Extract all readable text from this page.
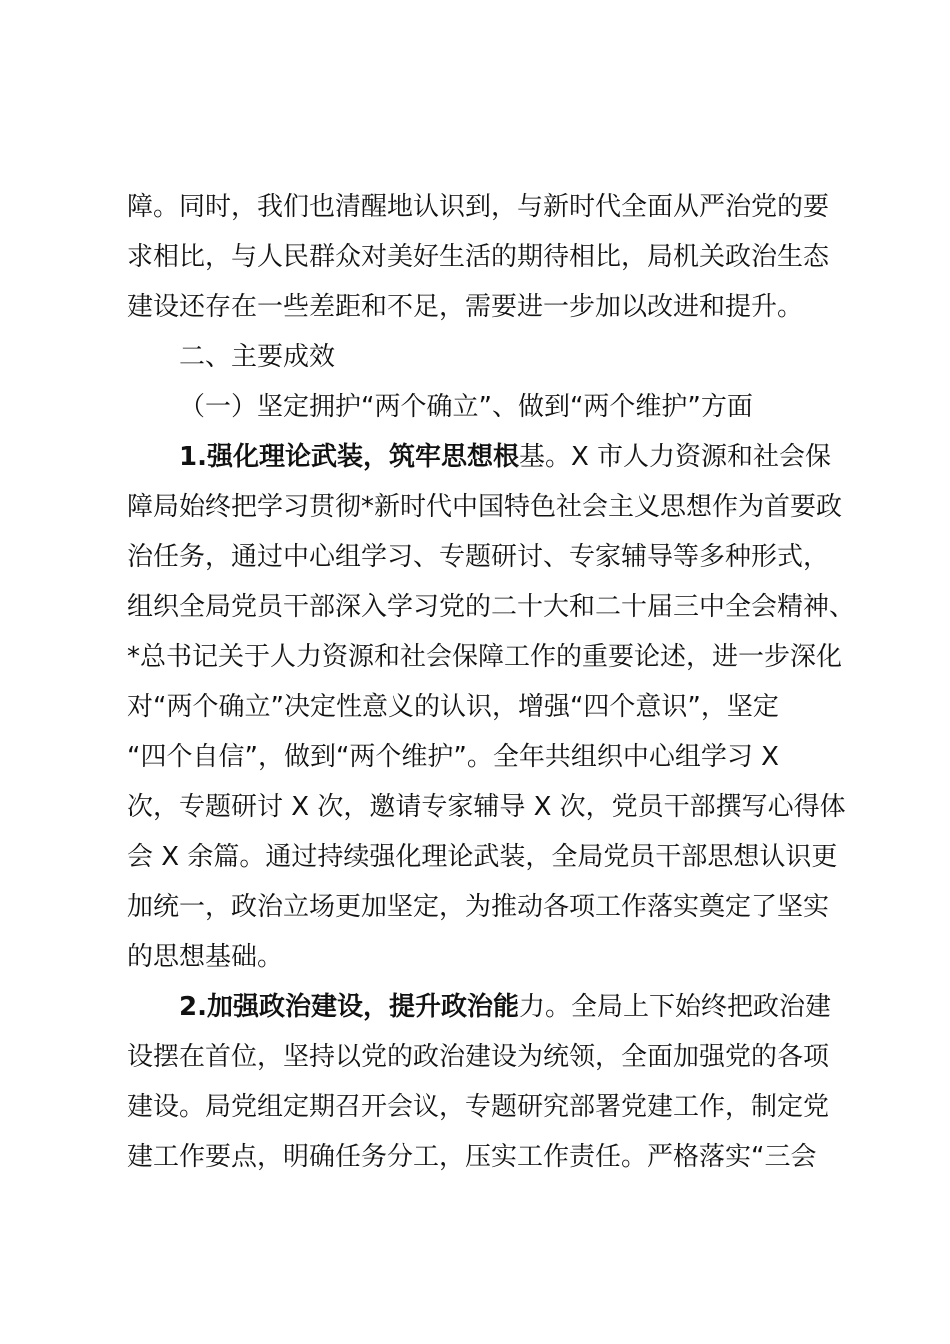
障。同时，我们也清醒地认识到，与新时代全面从严治党的要
求相比，与人民群众对美好生活的期待相比，局机关政治生态
建设还存在一些差距和不足，需要进一步加以改进和提升。
二、主要成效
（一）坚定拥护“两个确立”、做到“两个维护”方面
1.强化理论武装，筑牢思想根基。X 市人力资源和社会保
障局始终把学习贯彻*新时代中国特色社会主义思想作为首要政
治任务，通过中心组学习、专题研讨、专家辅导等多种形式，
组织全局党员干部深入学习党的二十大和二十届三中全会精神、
*总书记关于人力资源和社会保障工作的重要论述，进一步深化
对“两个确立”决定性意义的认识，增强“四个意识”，坚定
“四个自信”，做到“两个维护”。全年共组织中心组学习 X
次，专题研讨 X 次，邀请专家辅导 X 次，党员干部撰写心得体
会 X 余篇。通过持续强化理论武装，全局党员干部思想认识更
加统一，政治立场更加坚定，为推动各项工作落实奠定了坚实
的思想基础。
2.加强政治建设，提升政治能力。全局上下始终把政治建
设摆在首位，坚持以党的政治建设为统领，全面加强党的各项
建设。局党组定期召开会议，专题研究部署党建工作，制定党
建工作要点，明确任务分工，压实工作责任。严格落实“三会
